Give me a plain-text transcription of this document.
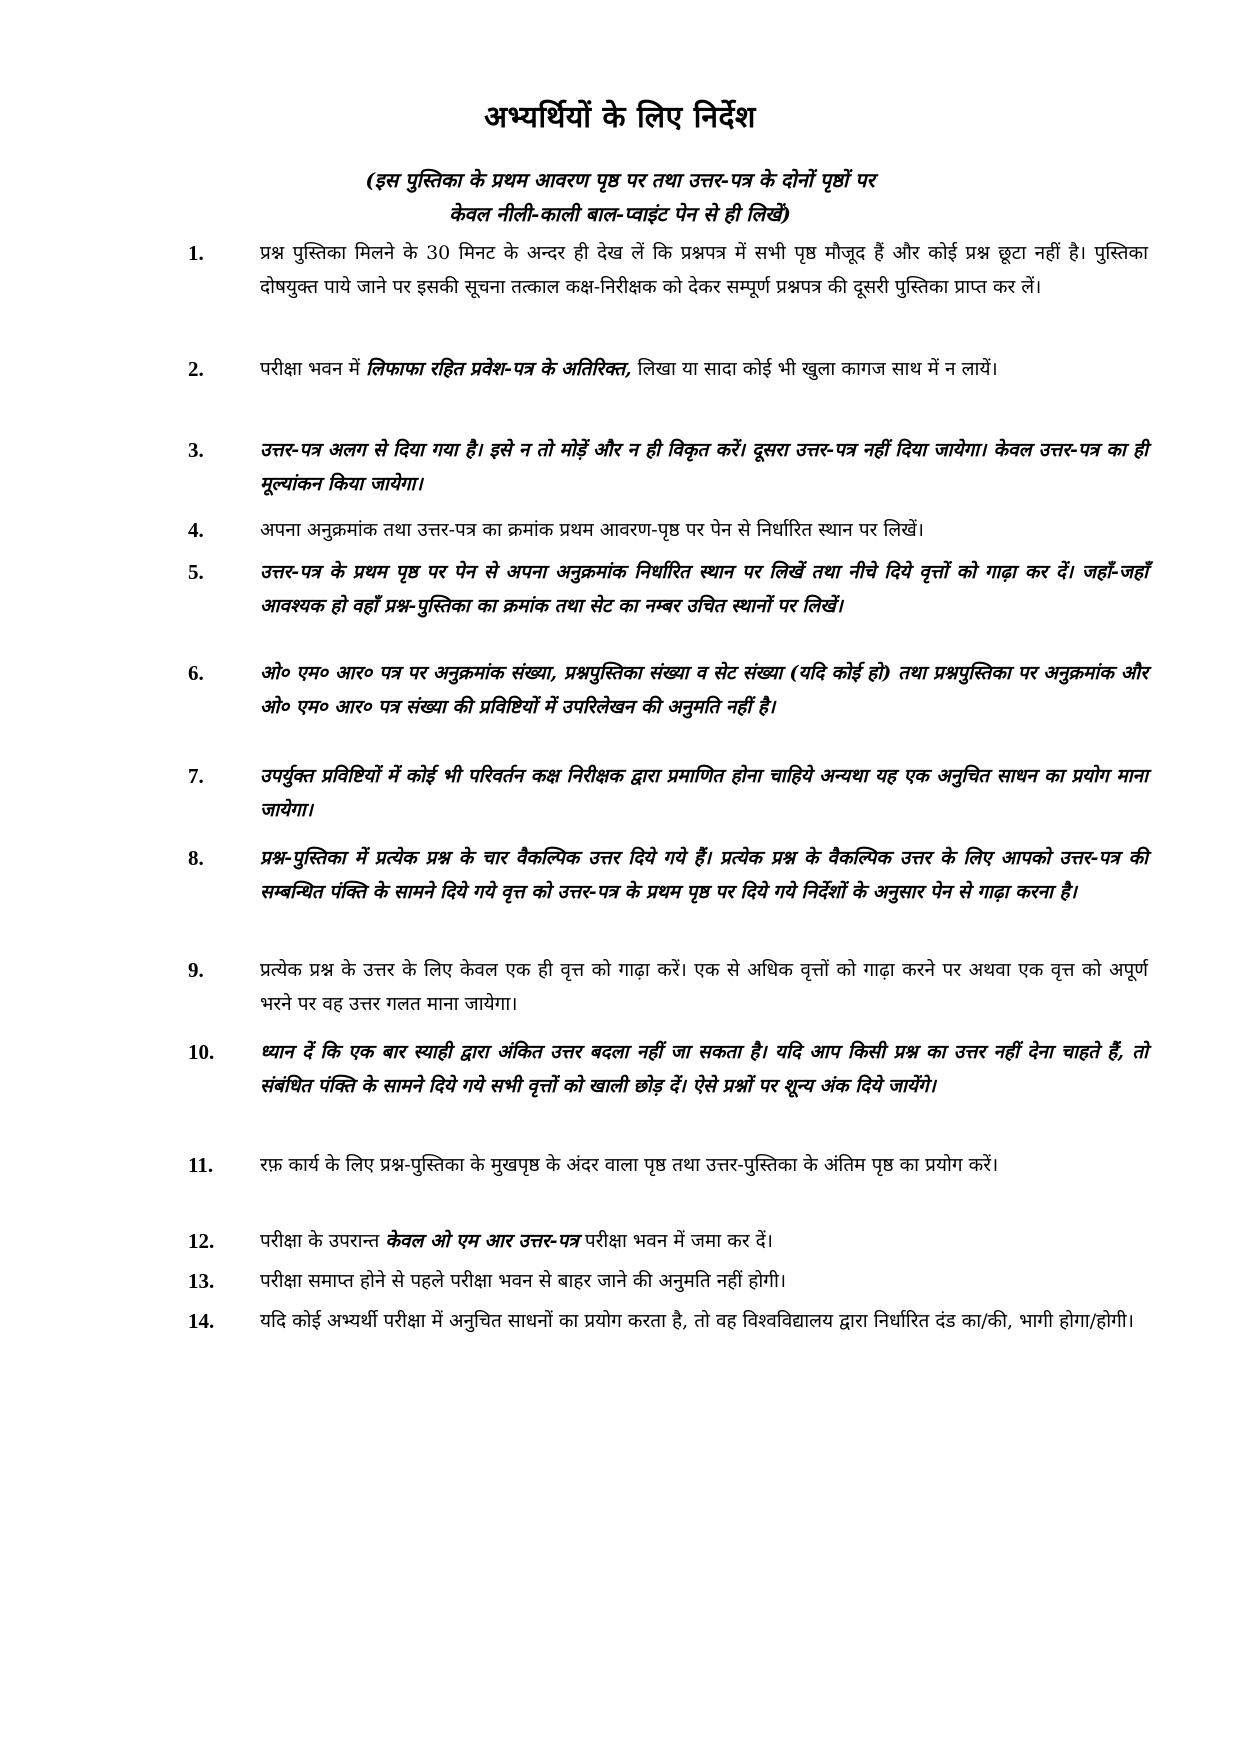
अभ्यर्थियों के लिए निर्देश
(इस पुस्तिका के प्रथम आवरण पृष्ठ पर तथा उत्तर-पत्र के दोनों पृष्ठों पर
केवल नीली-काली बाल-प्वाइंट पेन से ही लिखें)
1.	प्रश्न पुस्तिका मिलने के 30 मिनट के अन्दर ही देख लें कि प्रश्नपत्र में सभी पृष्ठ मौजूद हैं और कोई प्रश्न छूटा नहीं है। पुस्तिका दोषयुक्त पाये जाने पर इसकी सूचना तत्काल कक्ष-निरीक्षक को देकर सम्पूर्ण प्रश्नपत्र की दूसरी पुस्तिका प्राप्त कर लें।
2.	परीक्षा भवन में लिफाफा रहित प्रवेश-पत्र के अतिरिक्त, लिखा या सादा कोई भी खुला कागज साथ में न लायें।
3.	उत्तर-पत्र अलग से दिया गया है। इसे न तो मोड़ें और न ही विकृत करें। दूसरा उत्तर-पत्र नहीं दिया जायेगा। केवल उत्तर-पत्र का ही मूल्यांकन किया जायेगा।
4.	अपना अनुक्रमांक तथा उत्तर-पत्र का क्रमांक प्रथम आवरण-पृष्ठ पर पेन से निर्धारित स्थान पर लिखें।
5.	उत्तर-पत्र के प्रथम पृष्ठ पर पेन से अपना अनुक्रमांक निर्धारित स्थान पर लिखें तथा नीचे दिये वृत्तों को गाढ़ा कर दें। जहाँ-जहाँ आवश्यक हो वहाँ प्रश्न-पुस्तिका का क्रमांक तथा सेट का नम्बर उचित स्थानों पर लिखें।
6.	ओ० एम० आर० पत्र पर अनुक्रमांक संख्या, प्रश्नपुस्तिका संख्या व सेट संख्या (यदि कोई हो) तथा प्रश्नपुस्तिका पर अनुक्रमांक और ओ० एम० आर० पत्र संख्या की प्रविष्टियों में उपरिलेखन की अनुमति नहीं है।
7.	उपर्युक्त प्रविष्टियों में कोई भी परिवर्तन कक्ष निरीक्षक द्वारा प्रमाणित होना चाहिये अन्यथा यह एक अनुचित साधन का प्रयोग माना जायेगा।
8.	प्रश्न-पुस्तिका में प्रत्येक प्रश्न के चार वैकल्पिक उत्तर दिये गये हैं। प्रत्येक प्रश्न के वैकल्पिक उत्तर के लिए आपको उत्तर-पत्र की सम्बन्धित पंक्ति के सामने दिये गये वृत्त को उत्तर-पत्र के प्रथम पृष्ठ पर दिये गये निर्देशों के अनुसार पेन से गाढ़ा करना है।
9.	प्रत्येक प्रश्न के उत्तर के लिए केवल एक ही वृत्त को गाढ़ा करें। एक से अधिक वृत्तों को गाढ़ा करने पर अथवा एक वृत्त को अपूर्ण भरने पर वह उत्तर गलत माना जायेगा।
10.	ध्यान दें कि एक बार स्याही द्वारा अंकित उत्तर बदला नहीं जा सकता है। यदि आप किसी प्रश्न का उत्तर नहीं देना चाहते हैं, तो संबंधित पंक्ति के सामने दिये गये सभी वृत्तों को खाली छोड़ दें। ऐसे प्रश्नों पर शून्य अंक दिये जायेंगे।
11.	रफ़ कार्य के लिए प्रश्न-पुस्तिका के मुखपृष्ठ के अंदर वाला पृष्ठ तथा उत्तर-पुस्तिका के अंतिम पृष्ठ का प्रयोग करें।
12.	परीक्षा के उपरान्त केवल ओ एम आर उत्तर-पत्र परीक्षा भवन में जमा कर दें।
13.	परीक्षा समाप्त होने से पहले परीक्षा भवन से बाहर जाने की अनुमति नहीं होगी।
14.	यदि कोई अभ्यर्थी परीक्षा में अनुचित साधनों का प्रयोग करता है, तो वह विश्वविद्यालय द्वारा निर्धारित दंड का/की, भागी होगा/होगी।
